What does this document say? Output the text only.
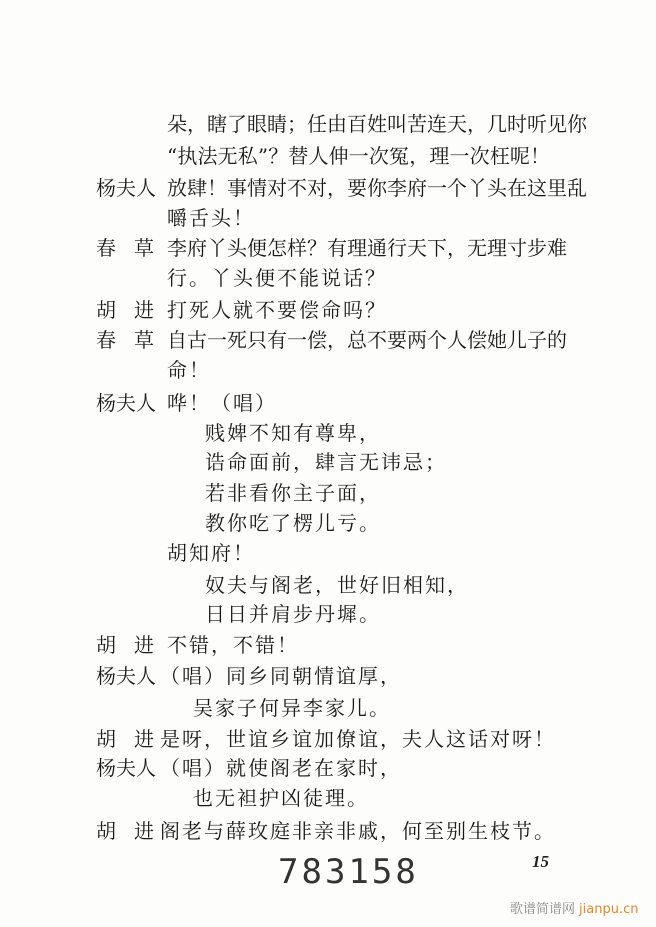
朵，瞎了眼睛；任由百姓叫苦连天，几时听见你
“执法无私”？替人伸一次冤，理一次枉呢！
杨夫人 放肆！事情对不对，要你李府一个丫头在这里乱
嚼舌头！
春草 李府丫头便怎样？有理通行天下，无理寸步难
行。丫头便不能说话？
胡进 打死人就不要偿命吗？
春草 自古一死只有一偿，总不要两个人偿她儿子的
命！
杨夫人 哗！（唱）
贱婢不知有尊卑，
诰命面前，肆言无讳忌；
若非看你主子面，
教你吃了楞儿亏。
胡知府！
奴夫与阁老，世好旧相知，
日日并肩步丹墀。
胡进 不错，不错！
杨夫人 （唱）同乡同朝情谊厚，
吴家子何异李家儿。
胡进 是呀，世谊乡谊加僚谊，夫人这话对呀！
杨夫人 （唱）就使阁老在家时，
也无袒护凶徒理。
胡进 阁老与薛玫庭非亲非戚，何至别生枝节。
783158	15
歌谱简谱网 jianpu.cn
